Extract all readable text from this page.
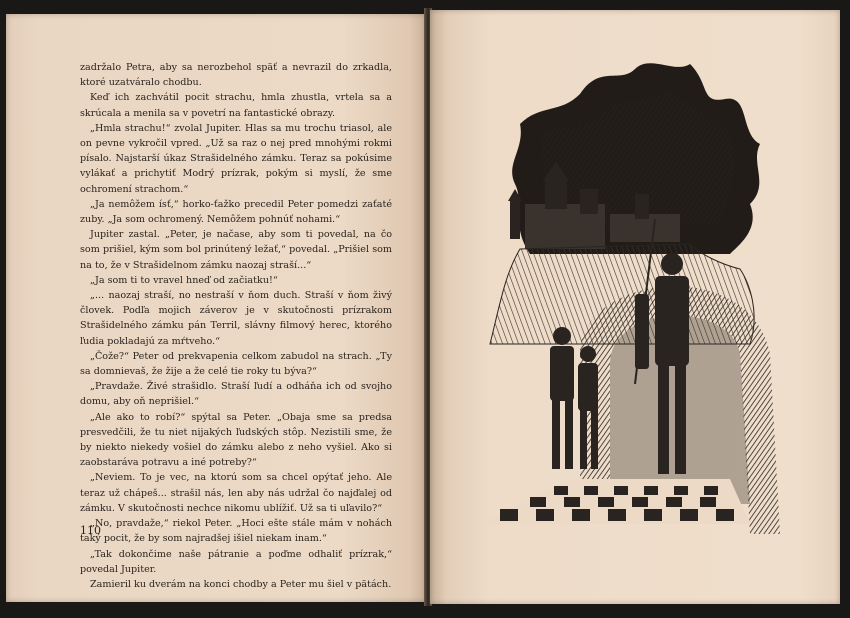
zadržalo Petra, aby sa nerozbehol späť a nevrazil do zrkadla, ktoré uzatváralo chodbu.

Keď ich zachvátil pocit strachu, hmla zhustla, vrtela sa a skrúcala a menila sa v povetrí na fantastické obrazy.

„Hmla strachu!“ zvolal Jupiter. Hlas sa mu trochu triasol, ale on pevne vykročil vpred. „Už sa raz o nej pred mnohými rokmi písalo. Najstarší úkaz Strašidelného zámku. Teraz sa pokúsime vylákať a prichytiť Modrý prízrak, pokým si myslí, že sme ochromení strachom.“

„Ja nemôžem ísť,“ horko-ťažko precedil Peter pomedzi zaťaté zuby. „Ja som ochromený. Nemôžem pohnúť nohami.“

Jupiter zastal. „Peter, je načase, aby som ti povedal, na čo som prišiel, kým som bol prinútený ležať,“ povedal. „Prišiel som na to, že v Strašidelnom zámku naozaj straší...“

„Ja som ti to vravel hneď od začiatku!“

„... naozaj straší, no nestraší v ňom duch. Straší v ňom živý človek. Podľa mojich záverov je v skutočnosti prízrakom Strašidelného zámku pán Terril, slávny filmový herec, ktorého ľudia pokladajú za mŕtveho.“

„Čože?“ Peter od prekvapenia celkom zabudol na strach. „Ty sa domnievaš, že žije a že celé tie roky tu býva?“

„Pravdaže. Živé strašidlo. Straší ľudí a odháňa ich od svojho domu, aby oň neprišiel.“

„Ale ako to robí?“ spýtal sa Peter. „Obaja sme sa predsa presvedčili, že tu niet nijakých ľudských stôp. Nezistili sme, že by niekto niekedy vošiel do zámku alebo z neho vyšiel. Ako si zaobstaráva potravu a iné potreby?“

„Neviem. To je vec, na ktorú som sa chcel opýtať jeho. Ale teraz už chápeš... strašil nás, len aby nás udržal čo najďalej od zámku. V skutočnosti nechce nikomu ublížiť. Už sa ti uľavilo?“

„No, pravdaže,“ riekol Peter. „Hoci ešte stále mám v nohách taký pocit, že by som najradšej išiel niekam inam.“

„Tak dokončime naše pátranie a poďme odhaliť prízrak,“ povedal Jupiter.

Zamieril ku dverám na konci chodby a Peter mu šiel v pätách.

110
